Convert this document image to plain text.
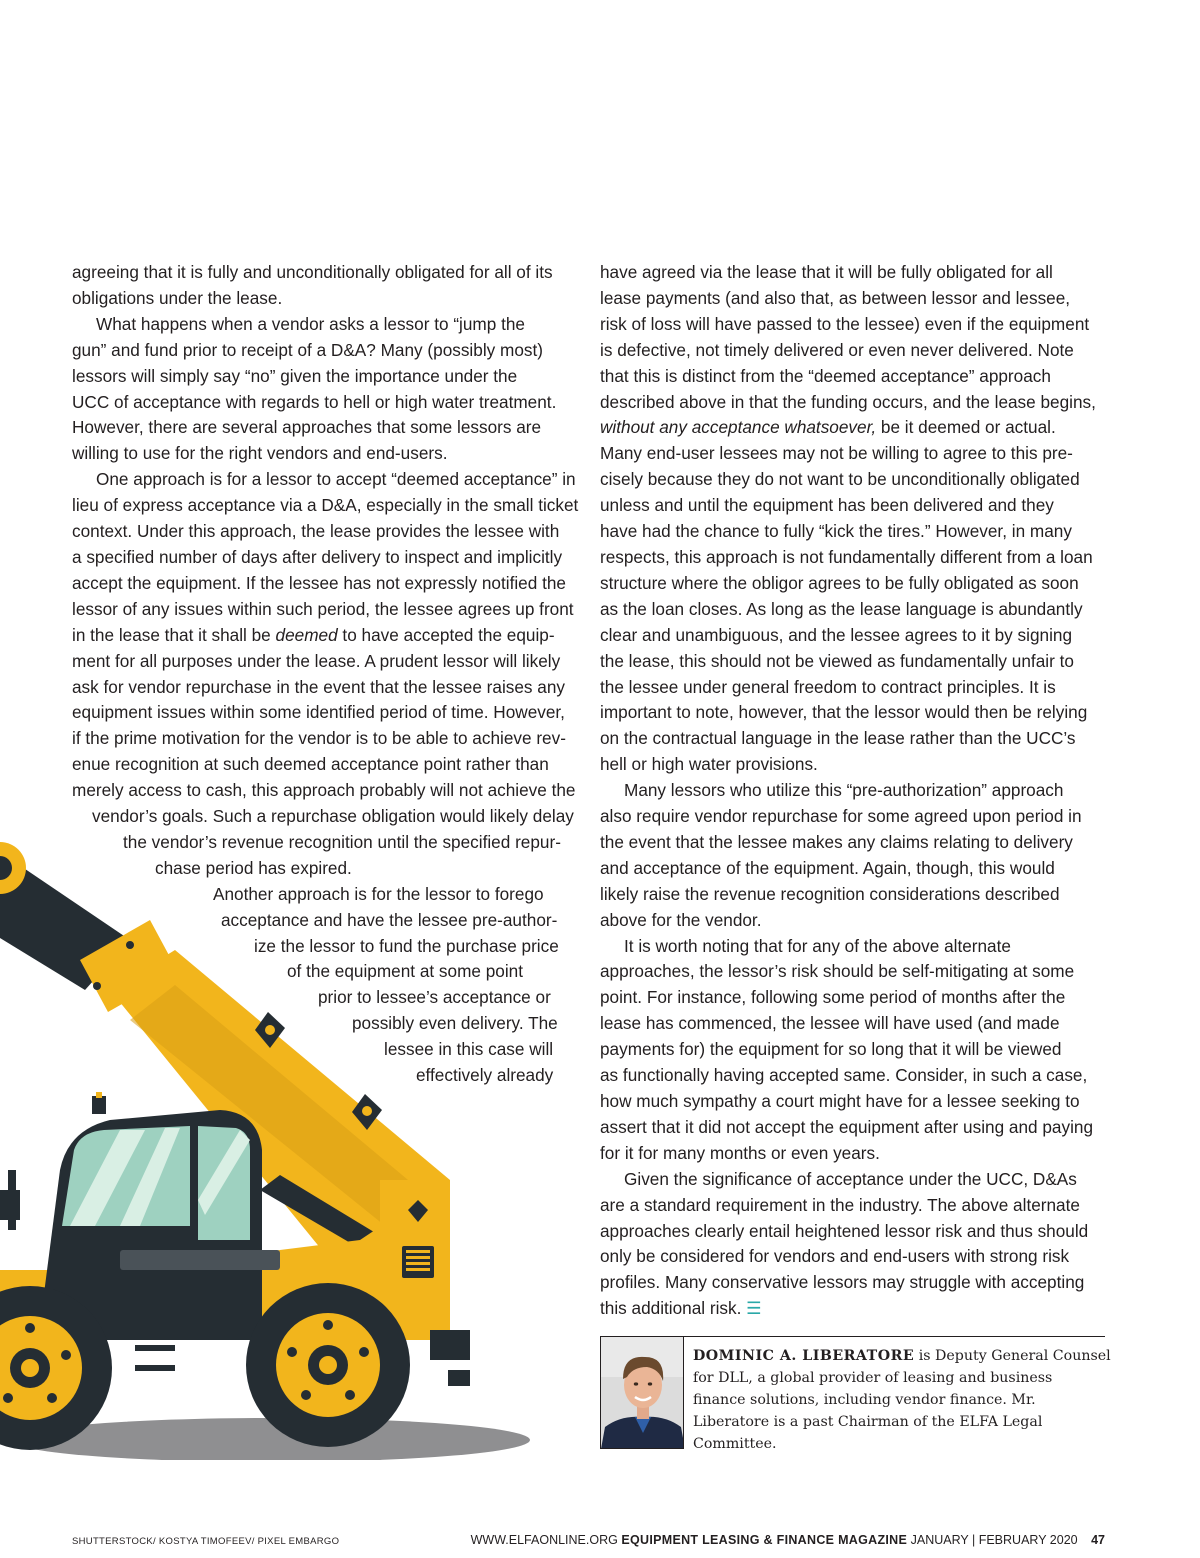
agreeing that it is fully and unconditionally obligated for all of its
obligations under the lease.
What happens when a vendor asks a lessor to “jump the
gun” and fund prior to receipt of a D&A? Many (possibly most)
lessors will simply say “no” given the importance under the
UCC of acceptance with regards to hell or high water treatment.
However, there are several approaches that some lessors are
willing to use for the right vendors and end-users.
One approach is for a lessor to accept “deemed acceptance” in
lieu of express acceptance via a D&A, especially in the small ticket
context. Under this approach, the lease provides the lessee with
a specified number of days after delivery to inspect and implicitly
accept the equipment. If the lessee has not expressly notified the
lessor of any issues within such period, the lessee agrees up front
in the lease that it shall be deemed to have accepted the equip-
ment for all purposes under the lease. A prudent lessor will likely
ask for vendor repurchase in the event that the lessee raises any
equipment issues within some identified period of time. However,
if the prime motivation for the vendor is to be able to achieve rev-
enue recognition at such deemed acceptance point rather than
merely access to cash, this approach probably will not achieve the
vendor’s goals. Such a repurchase obligation would likely delay
the vendor’s revenue recognition until the specified repur-
chase period has expired.
Another approach is for the lessor to forego
acceptance and have the lessee pre-author-
ize the lessor to fund the purchase price
of the equipment at some point
prior to lessee’s acceptance or
possibly even delivery. The
lessee in this case will
effectively already
have agreed via the lease that it will be fully obligated for all
lease payments (and also that, as between lessor and lessee,
risk of loss will have passed to the lessee) even if the equipment
is defective, not timely delivered or even never delivered. Note
that this is distinct from the “deemed acceptance” approach
described above in that the funding occurs, and the lease begins,
without any acceptance whatsoever, be it deemed or actual.
Many end-user lessees may not be willing to agree to this pre-
cisely because they do not want to be unconditionally obligated
unless and until the equipment has been delivered and they
have had the chance to fully “kick the tires.” However, in many
respects, this approach is not fundamentally different from a loan
structure where the obligor agrees to be fully obligated as soon
as the loan closes. As long as the lease language is abundantly
clear and unambiguous, and the lessee agrees to it by signing
the lease, this should not be viewed as fundamentally unfair to
the lessee under general freedom to contract principles. It is
important to note, however, that the lessor would then be relying
on the contractual language in the lease rather than the UCC’s
hell or high water provisions.
Many lessors who utilize this “pre-authorization” approach
also require vendor repurchase for some agreed upon period in
the event that the lessee makes any claims relating to delivery
and acceptance of the equipment. Again, though, this would
likely raise the revenue recognition considerations described
above for the vendor.
It is worth noting that for any of the above alternate
approaches, the lessor’s risk should be self-mitigating at some
point. For instance, following some period of months after the
lease has commenced, the lessee will have used (and made
payments for) the equipment for so long that it will be viewed
as functionally having accepted same. Consider, in such a case,
how much sympathy a court might have for a lessee seeking to
assert that it did not accept the equipment after using and paying
for it for many months or even years.
Given the significance of acceptance under the UCC, D&As
are a standard requirement in the industry. The above alternate
approaches clearly entail heightened lessor risk and thus should
only be considered for vendors and end-users with strong risk
profiles. Many conservative lessors may struggle with accepting
this additional risk. ☰
DOMINIC A. LIBERATORE is Deputy General Counsel
for DLL, a global provider of leasing and business
finance solutions, including vendor finance. Mr.
Liberatore is a past Chairman of the ELFA Legal
Committee.
SHUTTERSTOCK/ KOSTYA TIMOFEEV/ PIXEL EMBARGO	WWW.ELFAONLINE.ORG EQUIPMENT LEASING & FINANCE MAGAZINE JANUARY | FEBRUARY 2020 47
